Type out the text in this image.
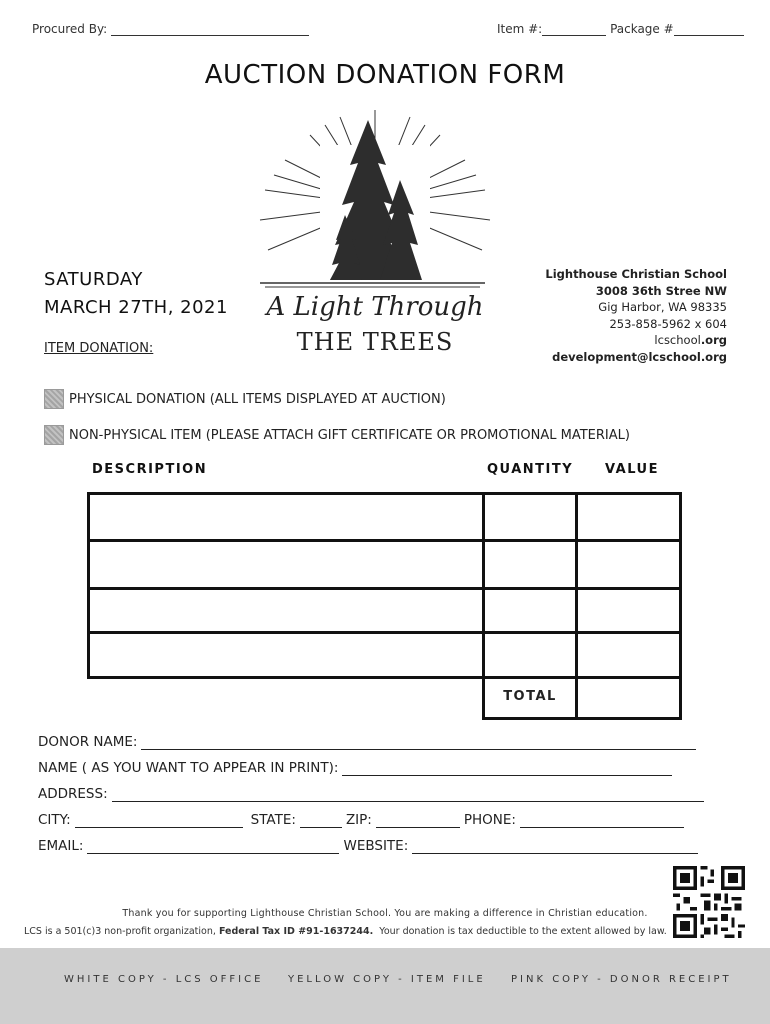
Procured By:	Item #:	Package #
AUCTION DONATION FORM
A Light Through
THE TREES
SATURDAY
MARCH 27TH, 2021
ITEM DONATION:
Lighthouse Christian School
3008 36th Stree NW
Gig Harbor, WA 98335
253-858-5962 x 604
lcschool.org
development@lcschool.org
PHYSICAL DONATION (ALL ITEMS DISPLAYED AT AUCTION)
NON-PHYSICAL ITEM (PLEASE ATTACH GIFT CERTIFICATE OR PROMOTIONAL MATERIAL)
DESCRIPTION	QUANTITY VALUE
TOTAL
DONOR NAME:
NAME ( AS YOU WANT TO APPEAR IN PRINT):
ADDRESS:
CITY:	STATE:	ZIP:	PHONE:
EMAIL:	WEBSITE:
Thank you for supporting Lighthouse Christian School. You are making a difference in Christian education.
LCS is a 501(c)3 non-profit organization, Federal Tax ID #91-1637244. Your donation is tax deductible to the extent allowed by law.
WHITE COPY - LCS OFFICE YELLOW COPY - ITEM FILE	PINK COPY - DONOR RECEIPT
